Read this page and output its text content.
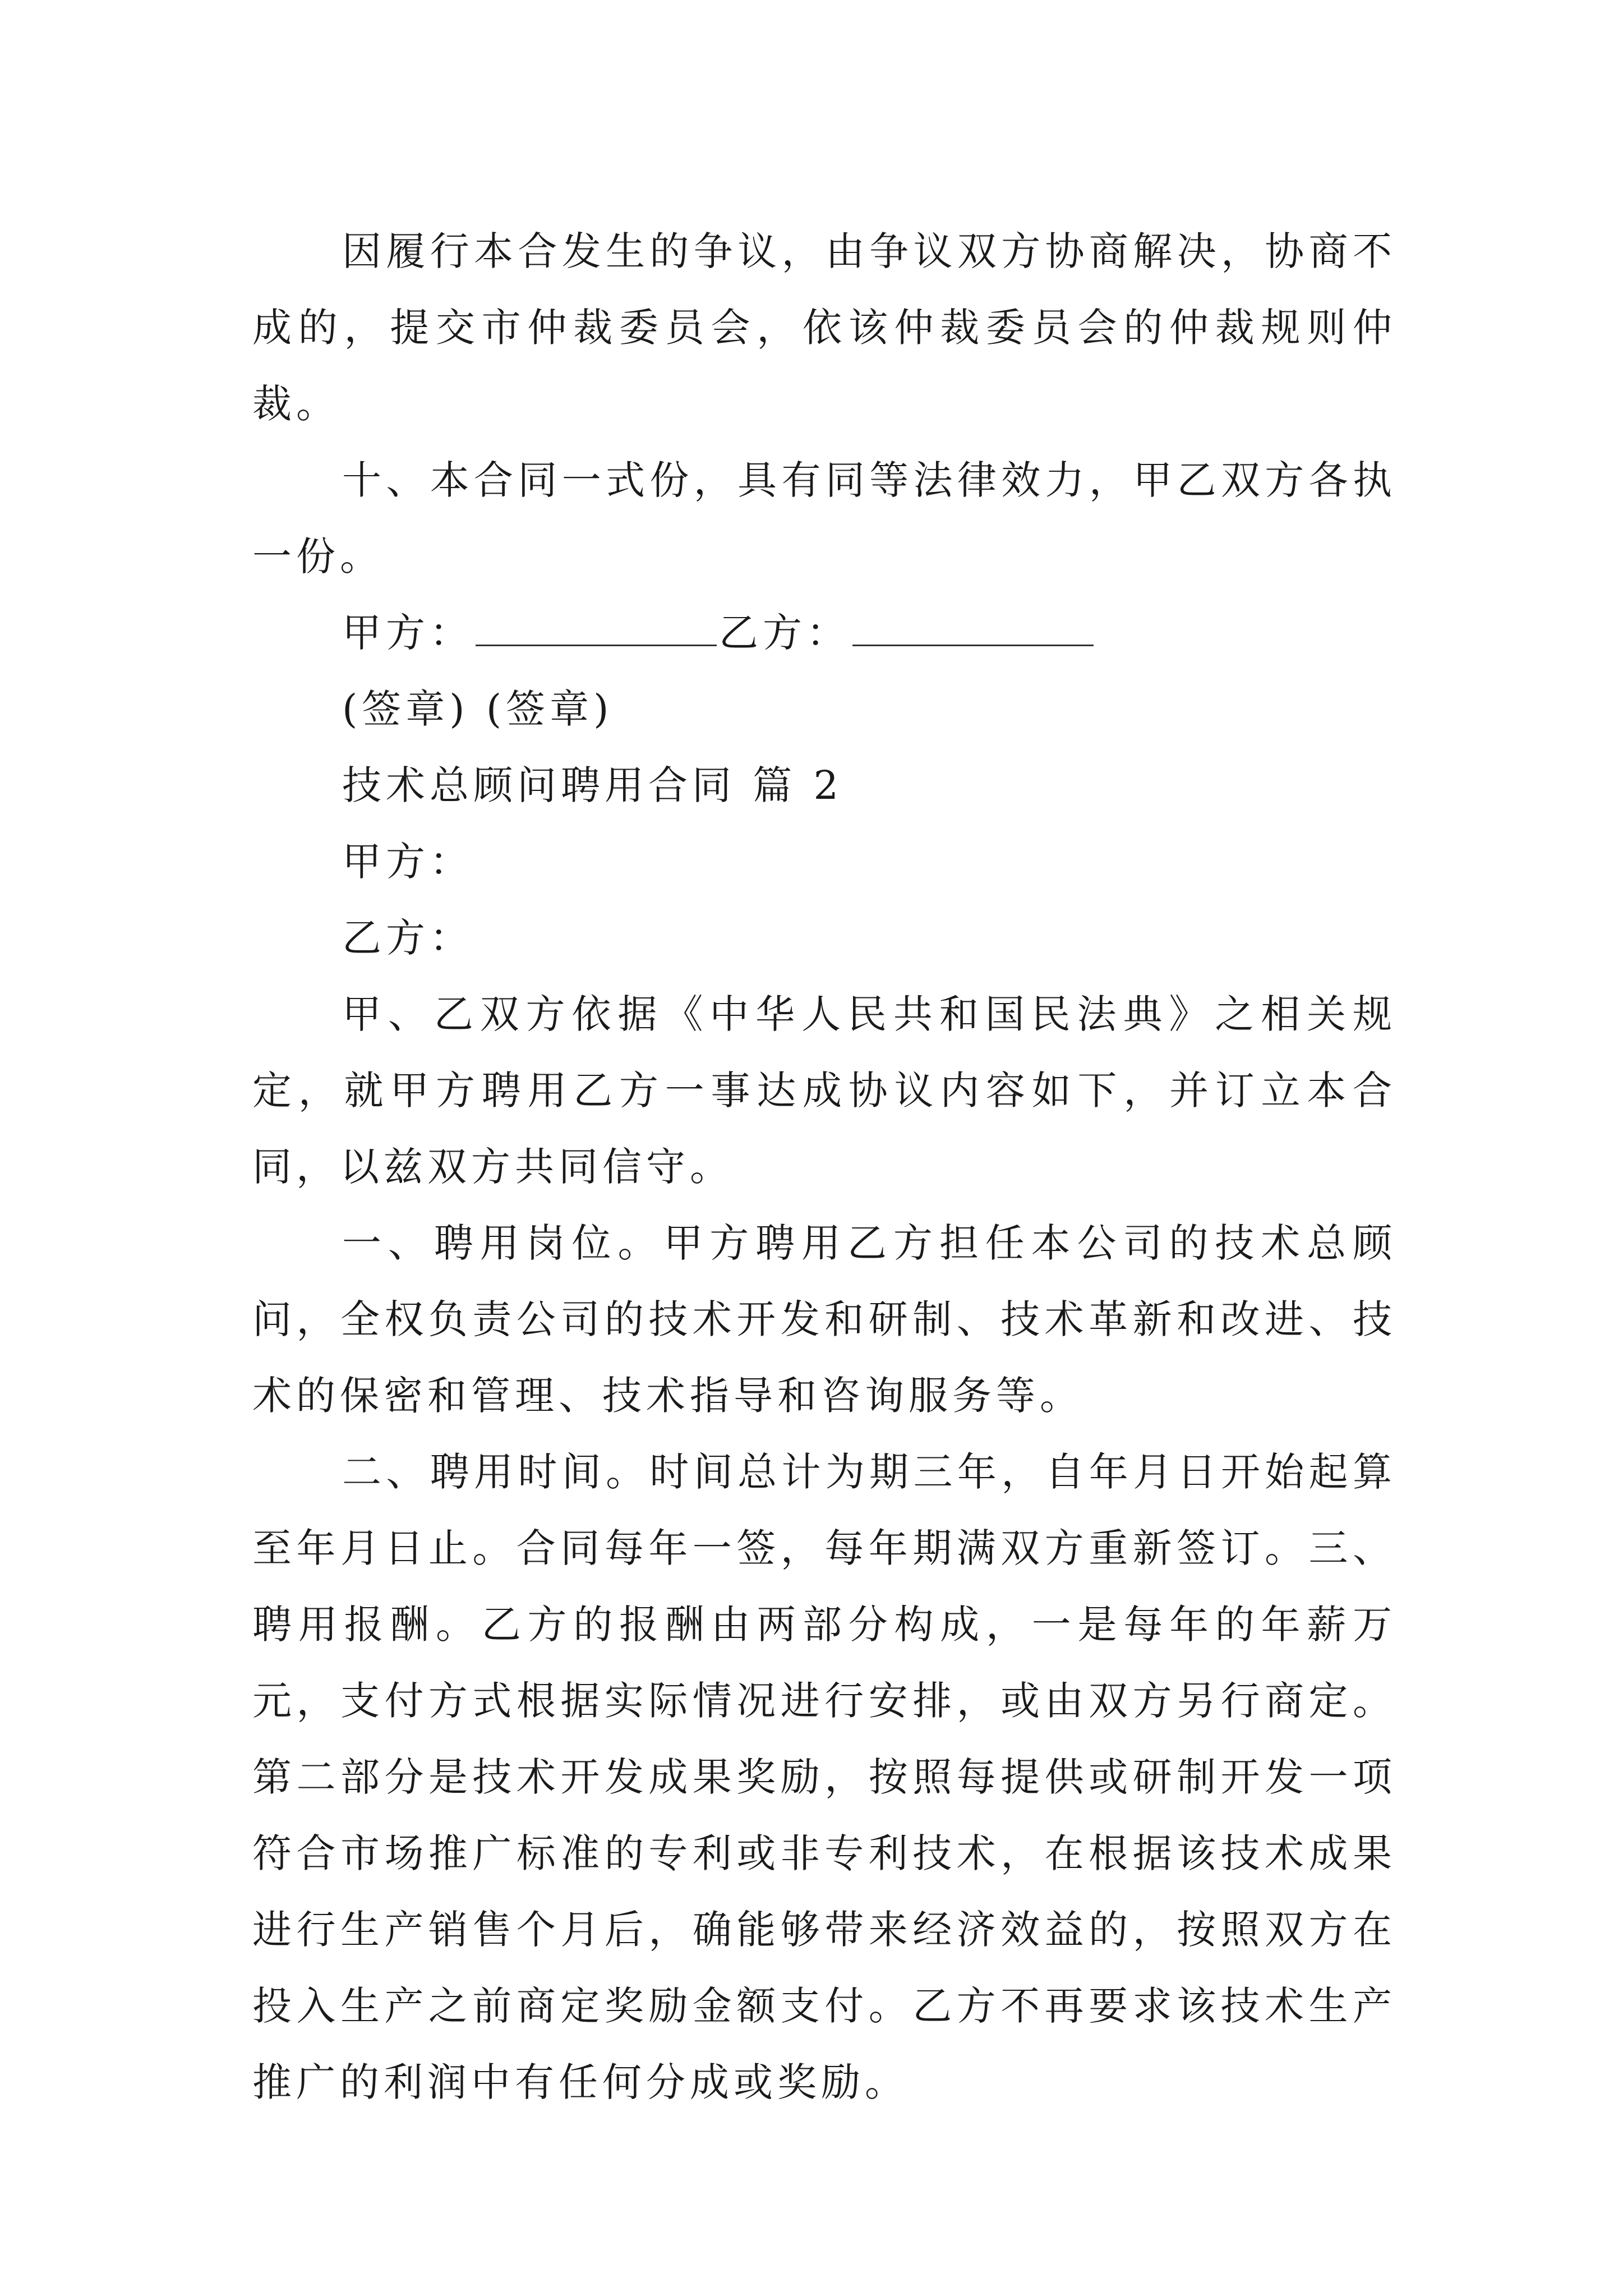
因履行本合发生的争议，由争议双方协商解决，协商不成的，提交市仲裁委员会，依该仲裁委员会的仲裁规则仲裁。

十、本合同一式份，具有同等法律效力，甲乙双方各执一份。

甲方：	乙方：

(签章) (签章)

技术总顾问聘用合同 篇 2

甲方：

乙方：

甲、乙双方依据《中华人民共和国民法典》之相关规定，就甲方聘用乙方一事达成协议内容如下，并订立本合同，以兹双方共同信守。

一、聘用岗位。甲方聘用乙方担任本公司的技术总顾问，全权负责公司的技术开发和研制、技术革新和改进、技术的保密和管理、技术指导和咨询服务等。

二、聘用时间。时间总计为期三年，自年月日开始起算至年月日止。合同每年一签，每年期满双方重新签订。三、聘用报酬。乙方的报酬由两部分构成，一是每年的年薪万元，支付方式根据实际情况进行安排，或由双方另行商定。第二部分是技术开发成果奖励，按照每提供或研制开发一项符合市场推广标准的专利或非专利技术，在根据该技术成果进行生产销售个月后，确能够带来经济效益的，按照双方在投入生产之前商定奖励金额支付。乙方不再要求该技术生产推广的利润中有任何分成或奖励。
